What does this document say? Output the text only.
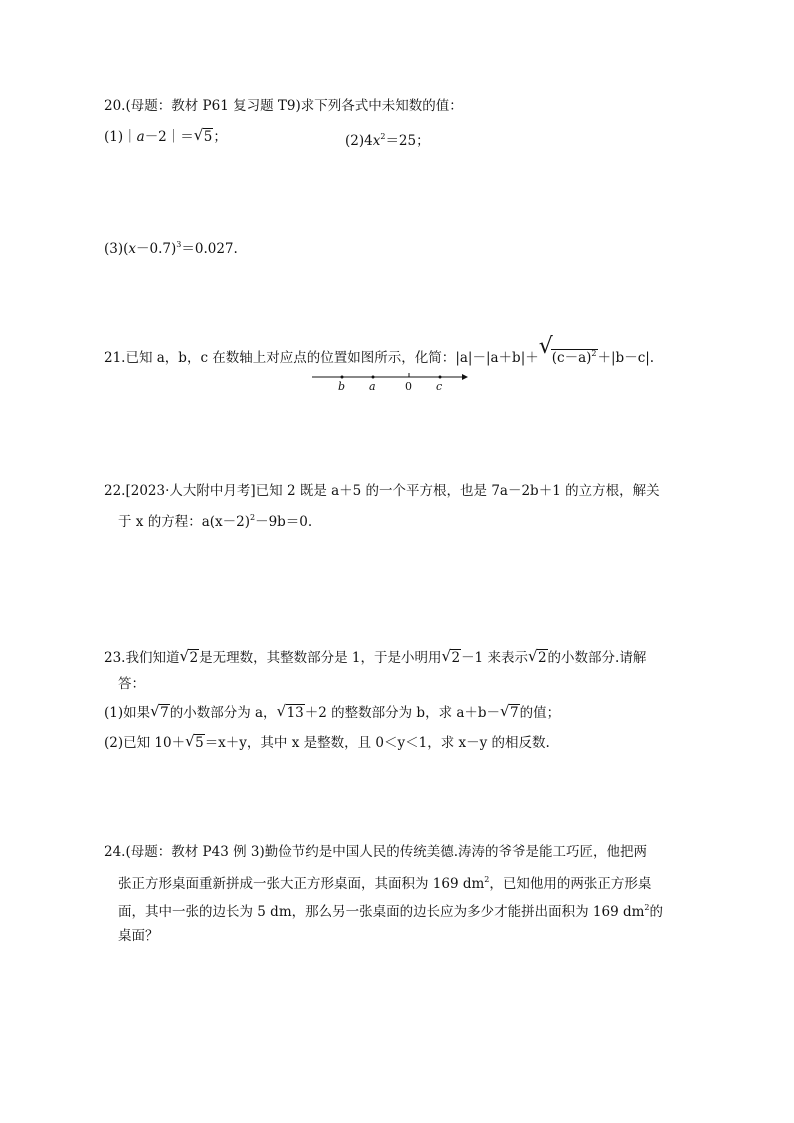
20.(母题：教材 P61 复习题 T9)求下列各式中未知数的值：
(1)｜a－2｜＝ √ 5；	$(2)4x^2=25$；
$(3)(x-0.7)^3=0.027$.
21.已知 a，b，c 在数轴上对应点的位置如图所示，化简：|a|－|a＋b|＋ √
$(c-a)^2+|b-c|$.
b a	0 c
22.[2023·人大附中月考]已知 2 既是 a＋5 的一个平方根，也是 7a－2b＋1 的立方根，解关
于 x 的方程：$a(x-2)^2-9b=0$.
23.我们知道 √ 2是无理数，其整数部分是 1，于是小明用 √ 2－1 来表示 √ 2的小数部分.请解
答：
(1)如果 √ 7的小数部分为 a， √ 13＋2 的整数部分为 b，求 a＋b－ √ 7的值；
(2)已知 10＋ √ 5＝x＋y，其中 x 是整数，且 0＜y＜1，求 x－y 的相反数.
24.(母题：教材 P43 例 3)勤俭节约是中国人民的传统美德.涛涛的爷爷是能工巧匠，他把两
张正方形桌面重新拼成一张大正方形桌面，其面积为 169 $dm^2$，已知他用的两张正方形桌
面，其中一张的边长为 5 dm，那么另一张桌面的边长应为多少才能拼出面积为 169 $dm^2$的
桌面？
